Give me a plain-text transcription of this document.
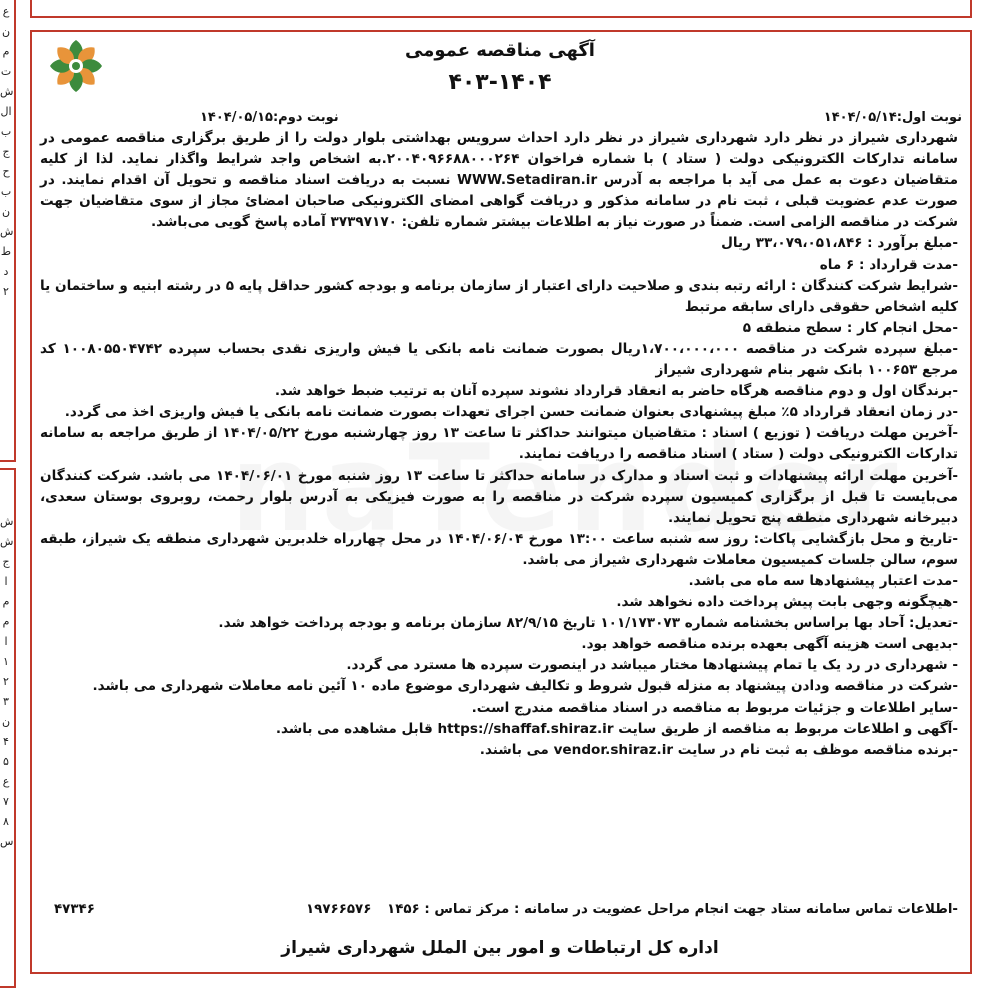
ع
ن
م
ت
ش
ال
ب
ج
ح
ب
ن
ش
ط
د
۲
ش
ش
ج
ا
م
م
ا
۱
۲
۳
ن
۴
۵
ع
۷
۸
س
آگهی مناقصه عمومی
۴۰۳-۱۴۰۴
نوبت اول:۱۴۰۴/۰۵/۱۴
نوبت دوم:۱۴۰۴/۰۵/۱۵

شهرداری شیراز در نظر دارد شهرداری شیراز در نظر دارد احداث سرویس بهداشتی بلوار دولت را از طریق برگزاری مناقصه عمومی در سامانه تدارکات الکترونیکی دولت ( ستاد ) با شماره فراخوان ۲۰۰۴۰۹۶۶۸۸۰۰۰۲۶۴.به اشخاص واجد شرایط واگذار نماید. لذا از کلیه متقاضیان دعوت به عمل می آید با مراجعه به آدرس WWW.Setadiran.ir نسبت به دریافت اسناد مناقصه و تحویل آن اقدام نمایند. در صورت عدم عضویت قبلی ، ثبت نام در سامانه مذکور و دریافت گواهی امضای الکترونیکی صاحبان امضائ مجاز از سوی متقاضیان جهت شرکت در مناقصه الزامی است. ضمناً در صورت نیاز به اطلاعات بیشتر شماره تلفن: ۳۷۳۹۷۱۷۰ آماده پاسخ گویی می‌باشد.

-مبلغ برآورد : ۳۳،۰۷۹،۰۵۱،۸۴۶ ریال

-مدت قرارداد : ۶ ماه

-شرایط شرکت کنندگان : ارائه رتبه بندی و صلاحیت دارای اعتبار از سازمان برنامه و بودجه کشور حداقل پایه ۵ در رشته ابنیه و ساختمان یا کلیه اشخاص حقوقی دارای سابقه مرتبط

-محل انجام کار : سطح منطقه ۵

-مبلغ سپرده شرکت در مناقصه ۱،۷۰۰،۰۰۰،۰۰۰ریال بصورت ضمانت نامه بانکی یا فیش واریزی نقدی بحساب سپرده ۱۰۰۸۰۵۵۰۴۷۴۲ کد مرجع ۱۰۰۶۵۳ بانک شهر بنام شهرداری شیراز

-برندگان اول و دوم مناقصه هرگاه حاضر به انعقاد قرارداد نشوند سپرده آنان به ترتیب ضبط خواهد شد.

-در زمان انعقاد قرارداد ۵٪ مبلغ پیشنهادی بعنوان ضمانت حسن اجرای تعهدات بصورت ضمانت نامه بانکی یا فیش واریزی اخذ می گردد.

-آخرین مهلت دریافت ( توزیع ) اسناد : متقاضیان میتوانند حداکثر تا ساعت ۱۳ روز چهارشنبه مورخ ۱۴۰۴/۰۵/۲۲ از طریق مراجعه به سامانه تدارکات الکترونیکی دولت ( ستاد ) اسناد مناقصه را دریافت نمایند.

-آخرین مهلت ارائه پیشنهادات و ثبت اسناد و مدارک در سامانه حداکثر تا ساعت ۱۳ روز شنبه مورخ ۱۴۰۴/۰۶/۰۱ می باشد. شرکت کنندگان می‌بایست تا قبل از برگزاری کمیسیون سپرده شرکت در مناقصه را به صورت فیزیکی به آدرس بلوار رحمت، روبروی بوستان سعدی، دبیرخانه شهرداری منطقه پنج تحویل نمایند.

-تاریخ و محل بازگشایی پاکات: روز سه شنبه ساعت ۱۳:۰۰ مورخ ۱۴۰۴/۰۶/۰۴ در محل چهارراه خلدبرین شهرداری منطقه یک شیراز، طبقه سوم، سالن جلسات کمیسیون معاملات شهرداری شیراز می باشد.

-مدت اعتبار پیشنهادها سه ماه می باشد.

-هیچگونه وجهی بابت پیش پرداخت داده نخواهد شد.

-تعدیل: آحاد بها براساس بخشنامه شماره ۱۰۱/۱۷۳۰۷۳ تاریخ ۸۲/۹/۱۵ سازمان برنامه و بودجه پرداخت خواهد شد.

-بدیهی است هزینه آگهی بعهده برنده مناقصه خواهد بود.

- شهرداری در رد یک یا تمام پیشنهادها مختار میباشد در اینصورت سپرده ها مسترد می گردد.

-شرکت در مناقصه ودادن پیشنهاد به منزله قبول شروط و تکالیف شهرداری موضوع ماده ۱۰ آئین نامه معاملات شهرداری می باشد.

-سایر اطلاعات و جزئیات مربوط به مناقصه در اسناد مناقصه مندرج است.

-آگهی و اطلاعات مربوط به مناقصه از طریق سایت https://shaffaf.shiraz.ir قابل مشاهده می باشد.

-برنده مناقصه موظف به ثبت نام در سایت vendor.shiraz.ir می باشند.

-اطلاعات تماس سامانه ستاد جهت انجام مراحل عضویت در سامانه : مرکز تماس : ۱۴۵۶
۱۹۷۶۶۵۷۶
۴۷۳۴۶
اداره کل ارتباطات و امور بین الملل شهرداری شیراز
